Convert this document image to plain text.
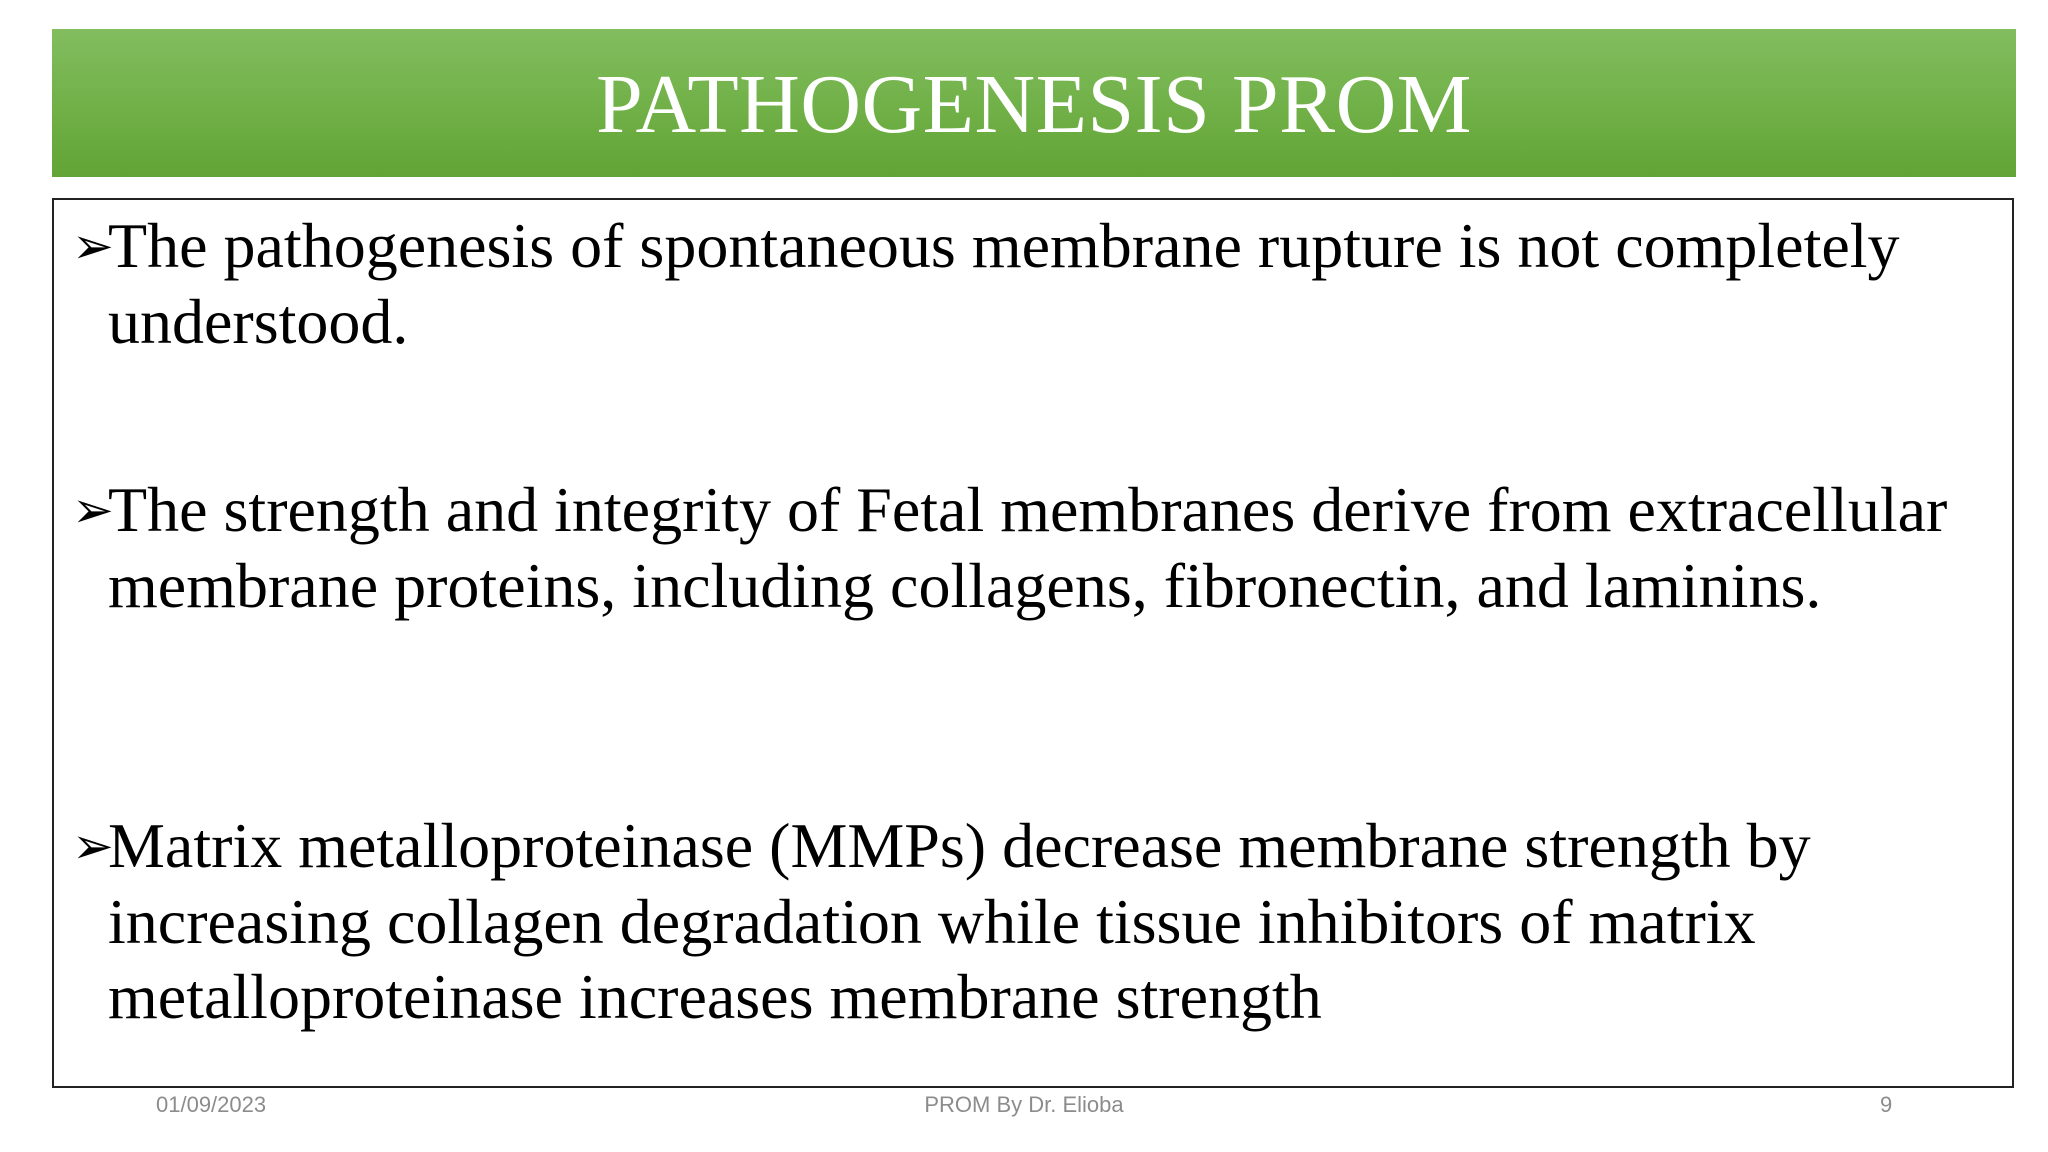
PATHOGENESIS PROM
➢The pathogenesis of spontaneous membrane rupture is not completely understood.
➢The strength and integrity of Fetal membranes derive from extracellular membrane proteins, including collagens, fibronectin, and laminins.
➢Matrix metalloproteinase (MMPs) decrease membrane strength by increasing collagen degradation while tissue inhibitors of matrix metalloproteinase increases membrane strength
01/09/2023	PROM By Dr. Elioba	9
